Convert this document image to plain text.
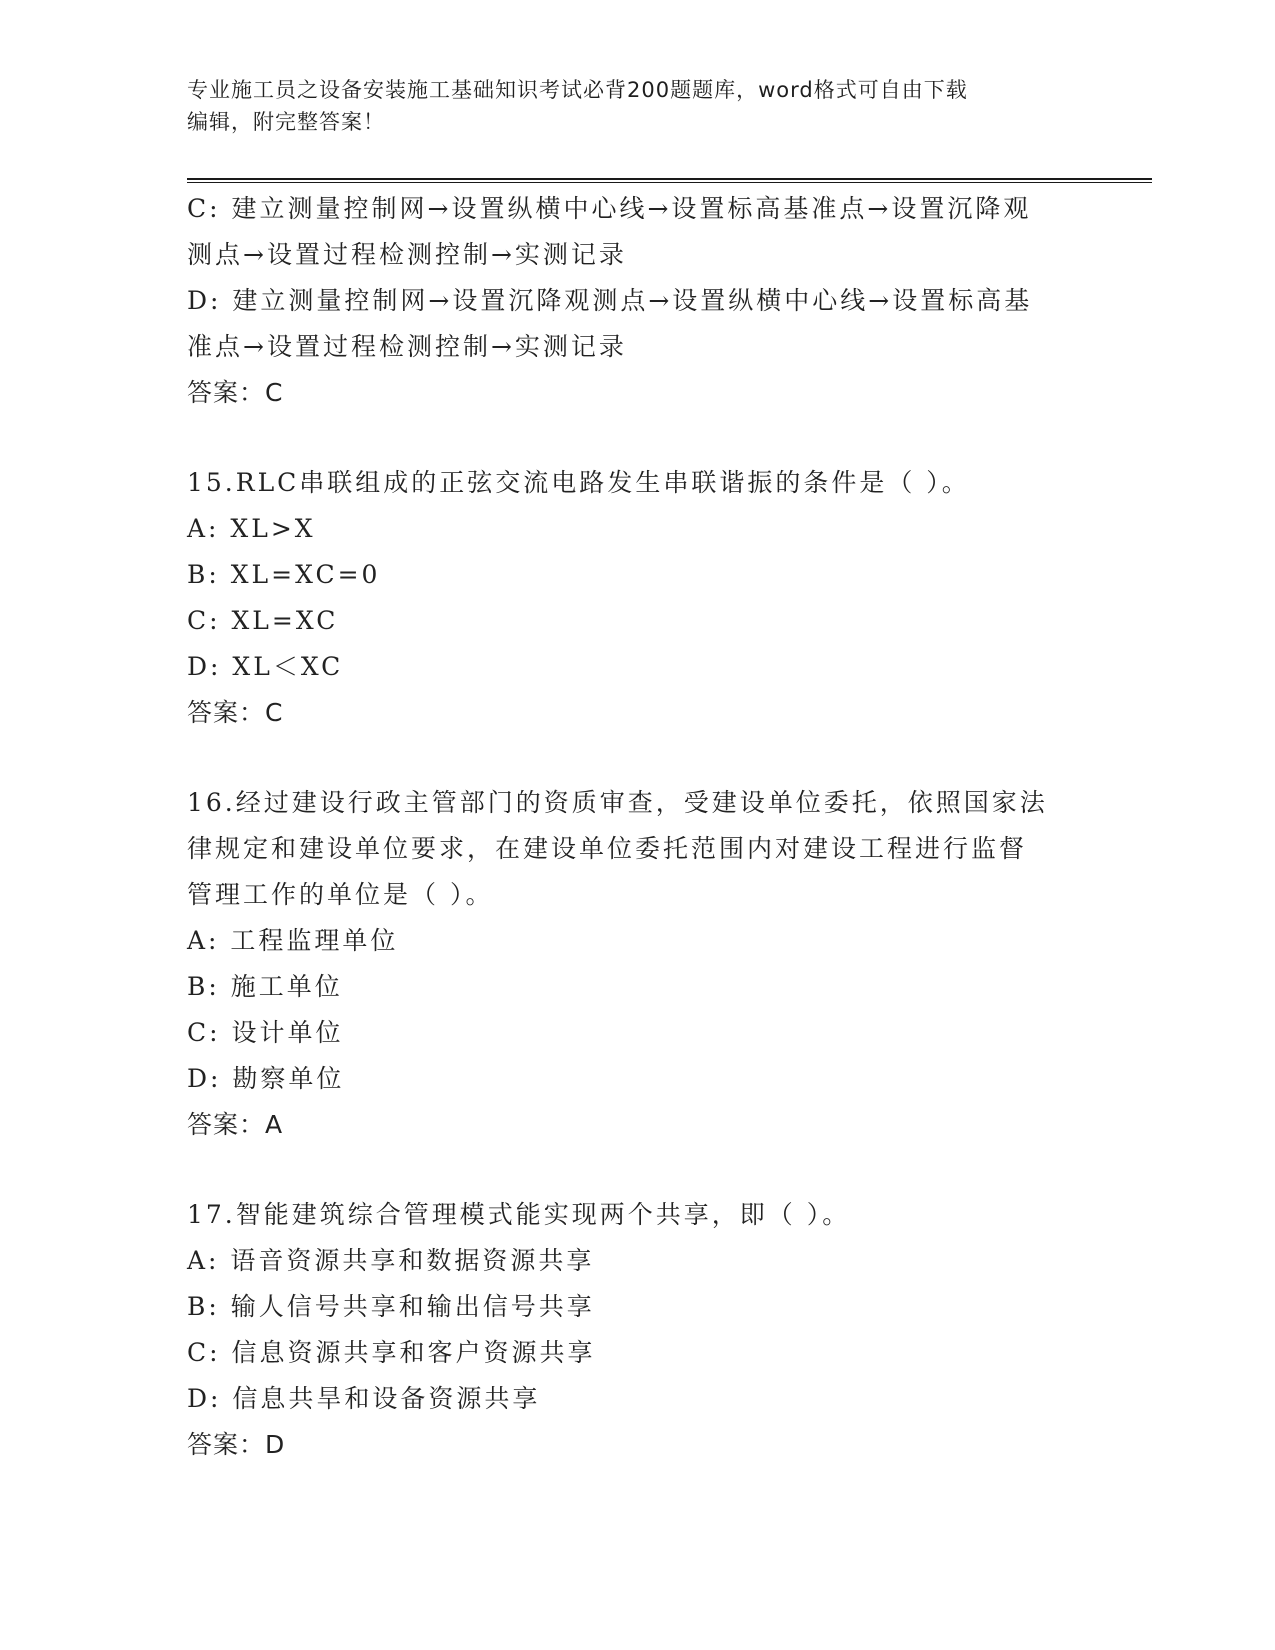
专业施工员之设备安装施工基础知识考试必背200题题库，word格式可自由下载
编辑，附完整答案！
C: 建立测量控制网→设置纵横中心线→设置标高基准点→设置沉降观
测点→设置过程检测控制→实测记录
D: 建立测量控制网→设置沉降观测点→设置纵横中心线→设置标高基
准点→设置过程检测控制→实测记录
答案：C
15.RLC串联组成的正弦交流电路发生串联谐振的条件是（ ）。
A: XL>X
B: XL=XC=0
C: XL=XC
D: XL＜XC
答案：C
16.经过建设行政主管部门的资质审查，受建设单位委托，依照国家法
律规定和建设单位要求，在建设单位委托范围内对建设工程进行监督
管理工作的单位是（ ）。
A: 工程监理单位
B: 施工单位
C: 设计单位
D: 勘察单位
答案：A
17.智能建筑综合管理模式能实现两个共享，即（ ）。
A: 语音资源共享和数据资源共享
B: 输人信号共享和输出信号共享
C: 信息资源共享和客户资源共享
D: 信息共旱和设备资源共享
答案：D
